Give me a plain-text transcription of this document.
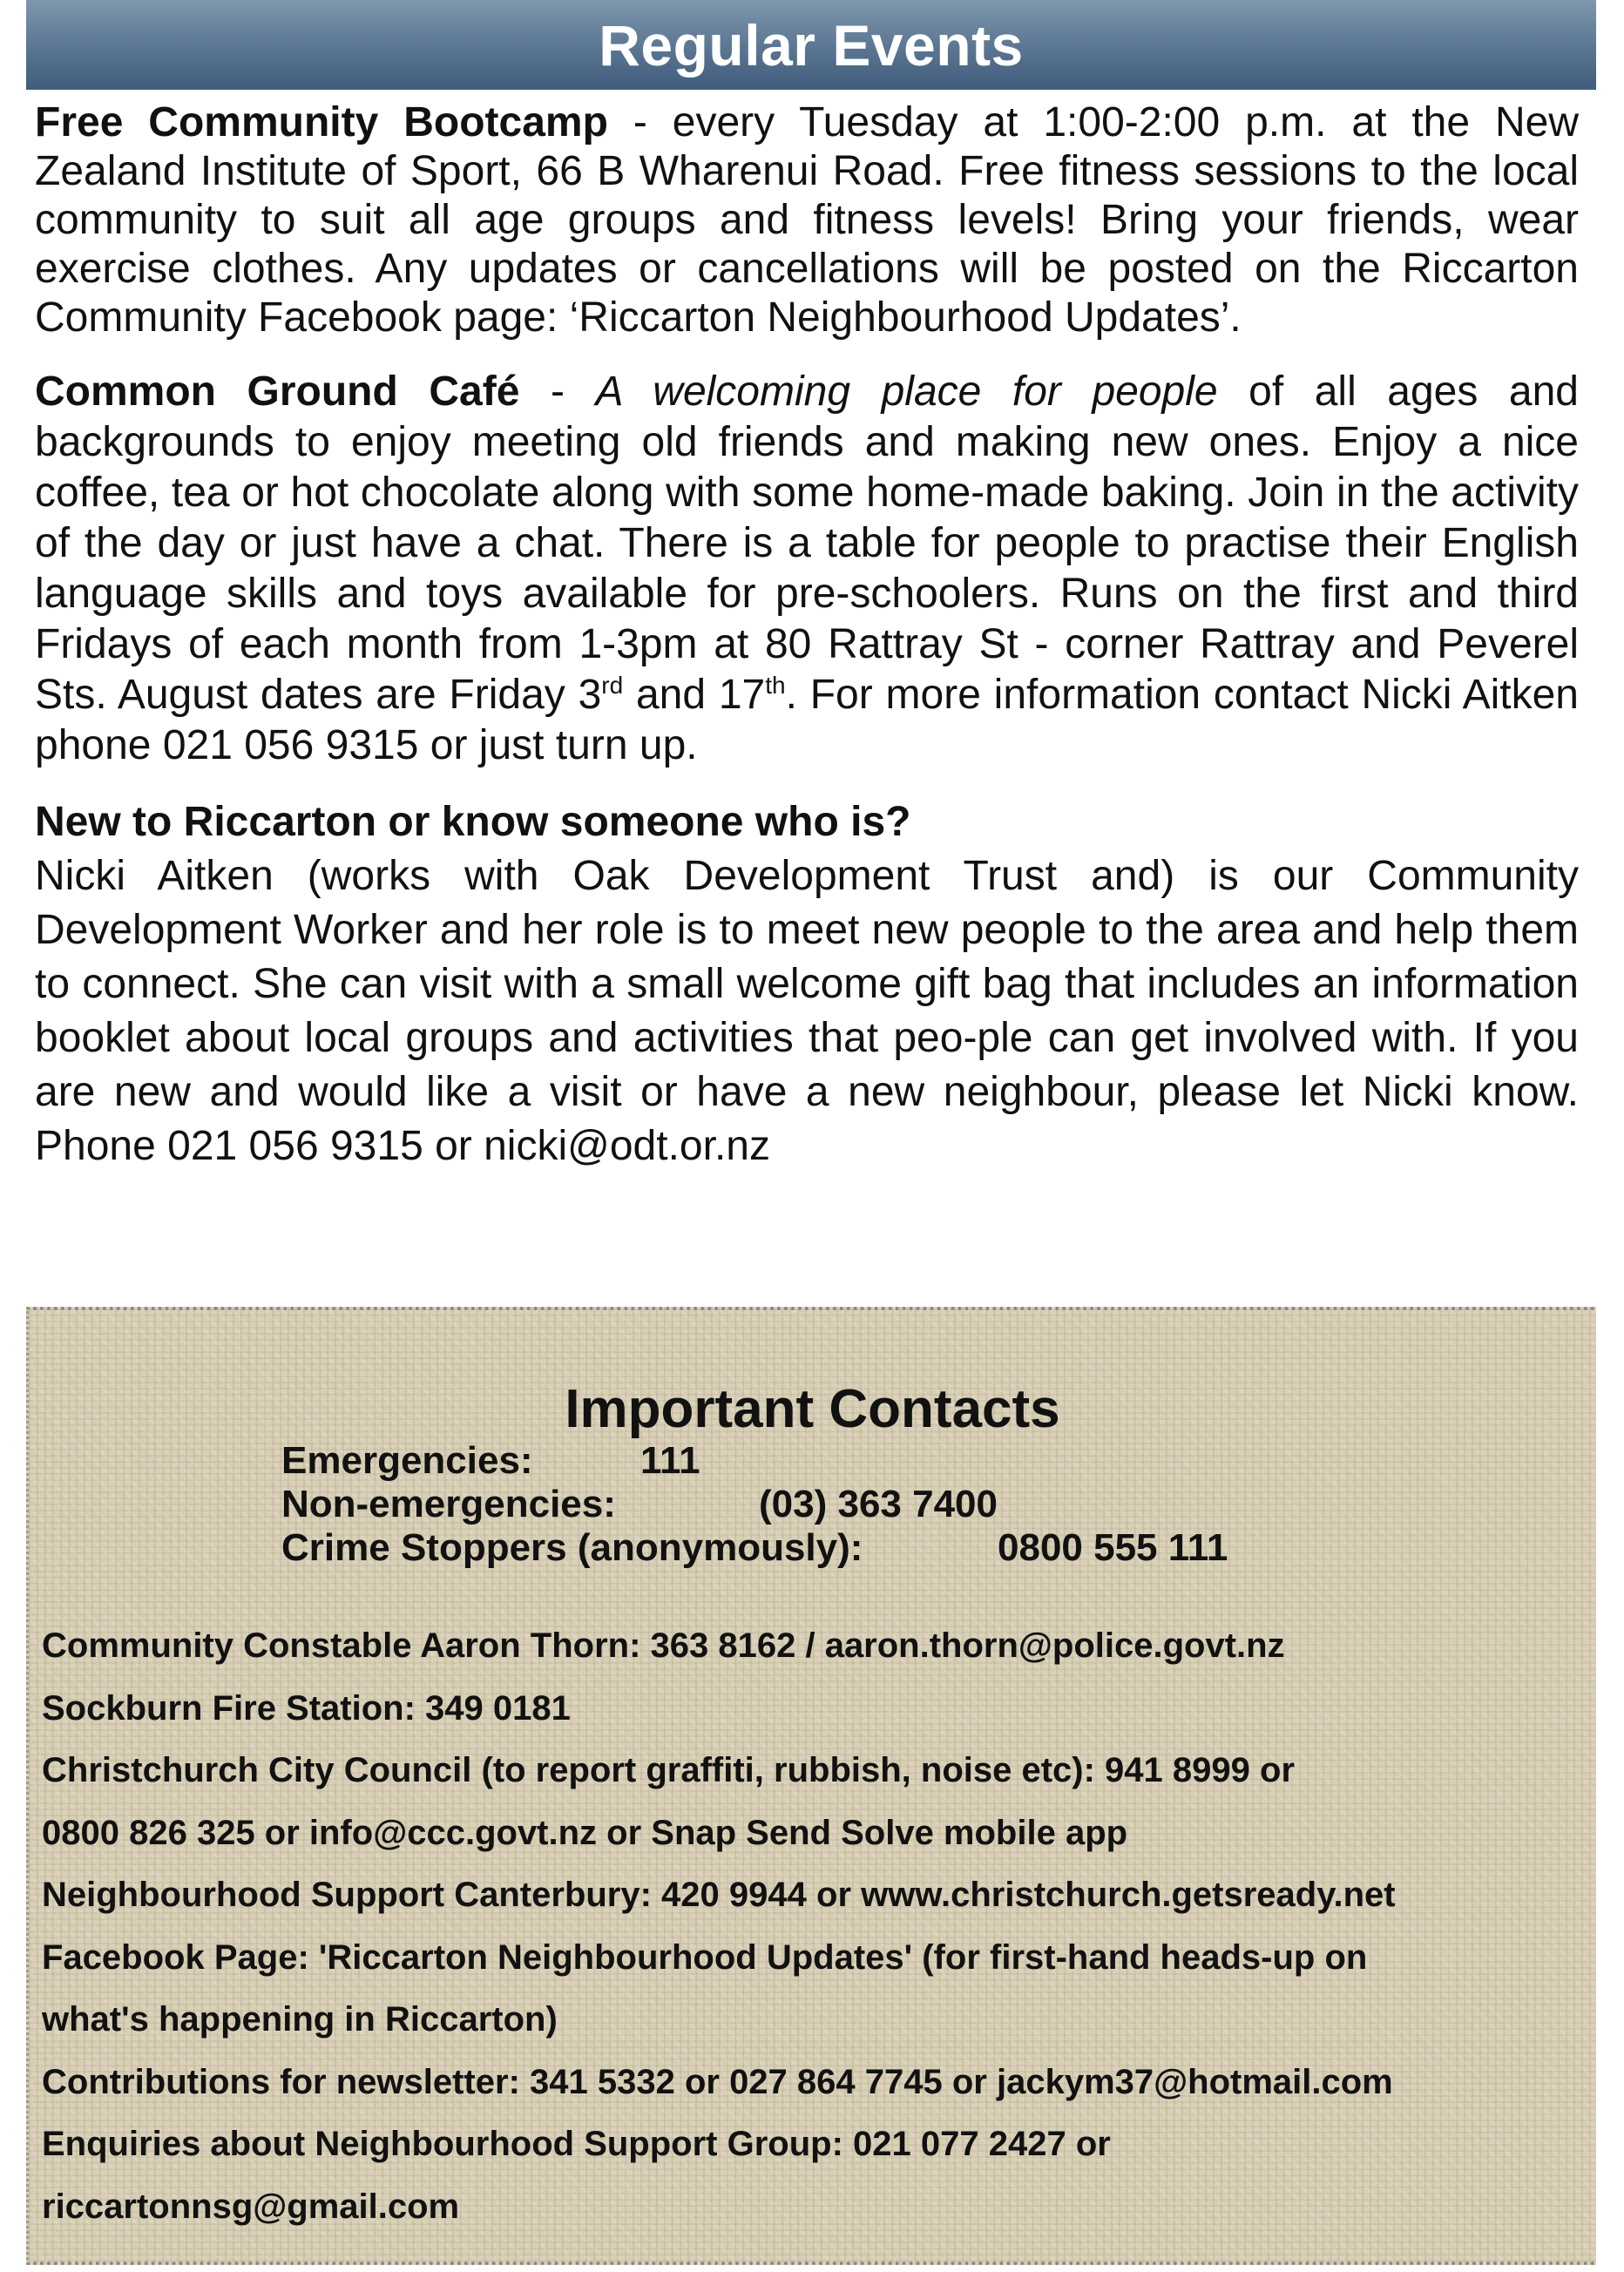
Regular Events

Free Community Bootcamp - every Tuesday at 1:00-2:00 p.m. at the New Zealand Institute of Sport, 66 B Wharenui Road. Free fitness sessions to the local community to suit all age groups and fitness levels! Bring your friends, wear exercise clothes. Any updates or cancellations will be posted on the Riccarton Community Facebook page: ‘Riccarton Neighbourhood Updates’.

Common Ground Café - A welcoming place for people of all ages and backgrounds to enjoy meeting old friends and making new ones. Enjoy a nice coffee, tea or hot chocolate along with some home-made baking. Join in the activity of the day or just have a chat. There is a table for people to practise their English language skills and toys available for pre-schoolers. Runs on the first and third Fridays of each month from 1-3pm at 80 Rattray St - corner Rattray and Peverel Sts. August dates are Friday 3rd and 17th. For more information contact Nicki Aitken phone 021 056 9315 or just turn up.

New to Riccarton or know someone who is?
Nicki Aitken (works with Oak Development Trust and) is our Community Development Worker and her role is to meet new people to the area and help them to connect. She can visit with a small welcome gift bag that includes an information booklet about local groups and activities that peo-ple can get involved with. If you are new and would like a visit or have a new neighbour, please let Nicki know. Phone 021 056 9315 or nicki@odt.or.nz

Important Contacts
Emergencies:	111
Non-emergencies:	(03) 363 7400
Crime Stoppers (anonymously):	0800 555 111
Community Constable Aaron Thorn: 363 8162 / aaron.thorn@police.govt.nz
Sockburn Fire Station: 349 0181
Christchurch City Council (to report graffiti, rubbish, noise etc): 941 8999 or
0800 826 325 or info@ccc.govt.nz or Snap Send Solve mobile app
Neighbourhood Support Canterbury: 420 9944 or www.christchurch.getsready.net
Facebook Page: 'Riccarton Neighbourhood Updates' (for first-hand heads-up on
what's happening in Riccarton)
Contributions for newsletter: 341 5332 or 027 864 7745 or jackym37@hotmail.com
Enquiries about Neighbourhood Support Group: 021 077 2427 or
riccartonnsg@gmail.com
